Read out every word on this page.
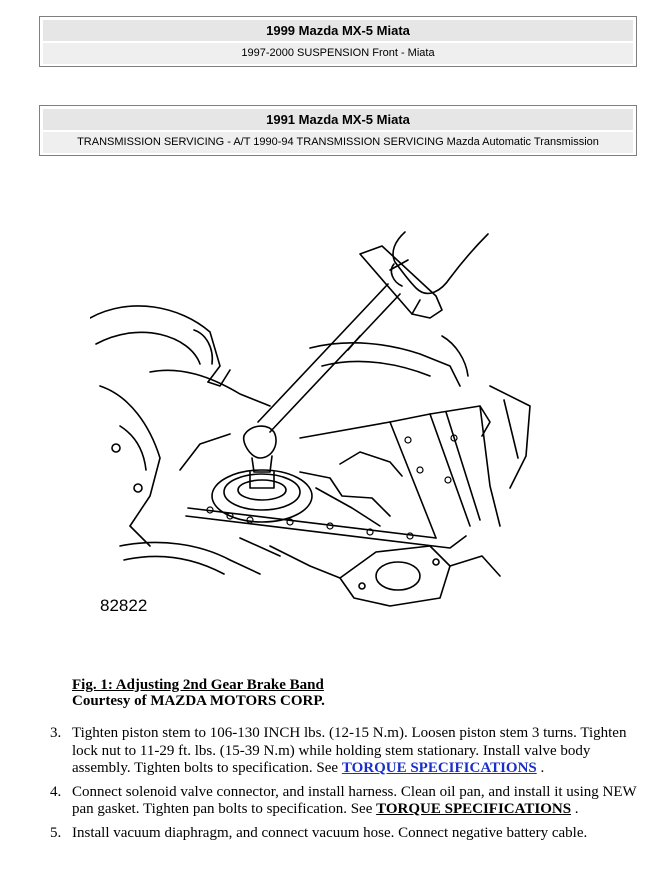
1999 Mazda MX-5 Miata
1997-2000 SUSPENSION Front - Miata
1991 Mazda MX-5 Miata
TRANSMISSION SERVICING - A/T 1990-94 TRANSMISSION SERVICING Mazda Automatic Transmission
82822
Fig. 1: Adjusting 2nd Gear Brake Band
Courtesy of MAZDA MOTORS CORP.
3. Tighten piston stem to 106-130 INCH lbs. (12-15 N.m). Loosen piston stem 3 turns. Tighten lock nut to 11-29 ft. lbs. (15-39 N.m) while holding stem stationary. Install valve body assembly. Tighten bolts to specification. See TORQUE SPECIFICATIONS .
4. Connect solenoid valve connector, and install harness. Clean oil pan, and install it using NEW pan gasket. Tighten pan bolts to specification. See TORQUE SPECIFICATIONS .
5. Install vacuum diaphragm, and connect vacuum hose. Connect negative battery cable.
